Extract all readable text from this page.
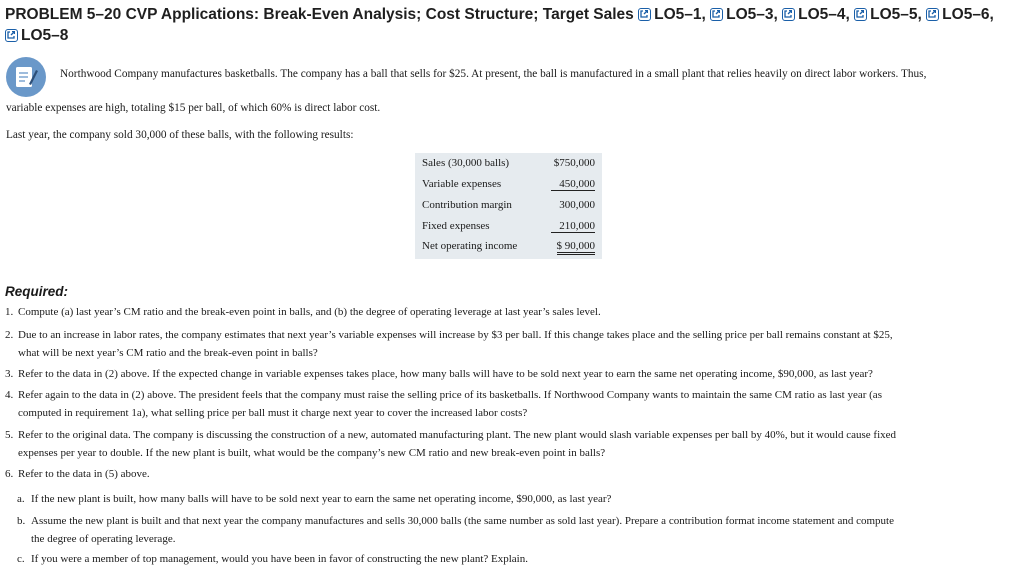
PROBLEM 5–20 CVP Applications: Break-Even Analysis; Cost Structure; Target Sales LO5–1, LO5–3, LO5–4, LO5–5, LO5–6,
LO5–8
Northwood Company manufactures basketballs. The company has a ball that sells for $25. At present, the ball is manufactured in a small plant that relies heavily on direct labor workers. Thus,
variable expenses are high, totaling $15 per ball, of which 60% is direct labor cost.
Last year, the company sold 30,000 of these balls, with the following results:
Sales (30,000 balls)	$750,000
Variable expenses	450,000
Contribution margin	300,000
Fixed expenses	210,000
Net operating income	$ 90,000
Required:
1. Compute (a) last year’s CM ratio and the break-even point in balls, and (b) the degree of operating leverage at last year’s sales level.
2. Due to an increase in labor rates, the company estimates that next year’s variable expenses will increase by $3 per ball. If this change takes place and the selling price per ball remains constant at $25,
what will be next year’s CM ratio and the break-even point in balls?
3. Refer to the data in (2) above. If the expected change in variable expenses takes place, how many balls will have to be sold next year to earn the same net operating income, $90,000, as last year?
4. Refer again to the data in (2) above. The president feels that the company must raise the selling price of its basketballs. If Northwood Company wants to maintain the same CM ratio as last year (as
computed in requirement 1a), what selling price per ball must it charge next year to cover the increased labor costs?
5. Refer to the original data. The company is discussing the construction of a new, automated manufacturing plant. The new plant would slash variable expenses per ball by 40%, but it would cause fixed
expenses per year to double. If the new plant is built, what would be the company’s new CM ratio and new break-even point in balls?
6. Refer to the data in (5) above.
a. If the new plant is built, how many balls will have to be sold next year to earn the same net operating income, $90,000, as last year?
b. Assume the new plant is built and that next year the company manufactures and sells 30,000 balls (the same number as sold last year). Prepare a contribution format income statement and compute
the degree of operating leverage.
c. If you were a member of top management, would you have been in favor of constructing the new plant? Explain.
